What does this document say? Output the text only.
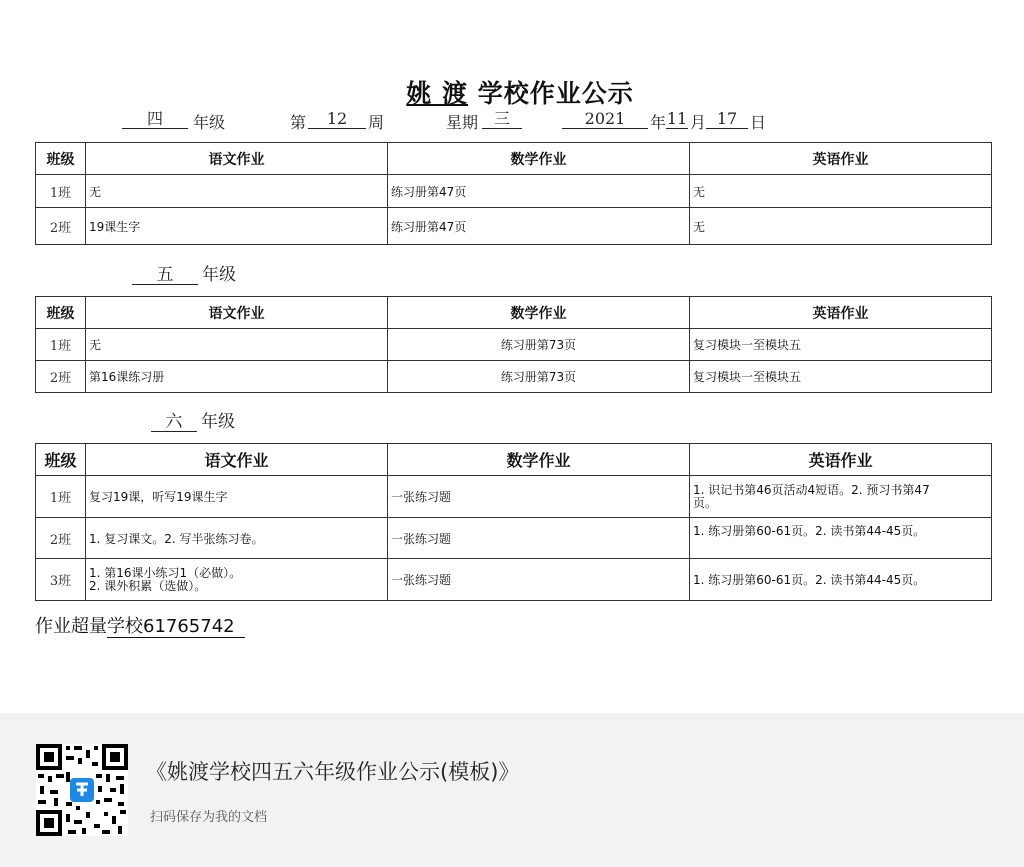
姚 渡 学校作业公示
四	年级	第	12	周	星期 三	2021	年 11 月 17 日
班级	语文作业	数学作业	英语作业
1班	无	练习册第47页	无
2班	19课生字	练习册第47页	无
五 年级
班级	语文作业	数学作业	英语作业
1班	无	练习册第73页	复习模块一至模块五
2班	第16课练习册	练习册第73页	复习模块一至模块五
六 年级
班级	语文作业	数学作业	英语作业
1班	复习19课，听写19课生字	一张练习题	1. 识记书第46页活动4短语。2. 预习书第47
页。
2班	1. 复习课文。2. 写半张练习卷。	一张练习题	1. 练习册第60-61页。2. 读书第44-45页。
3班	1. 第16课小练习1（必做）。
2. 课外积累（选做）。	一张练习题	1. 练习册第60-61页。2. 读书第44-45页。
作业超量学校61765742
《姚渡学校四五六年级作业公示(模板)》
扫码保存为我的文档
